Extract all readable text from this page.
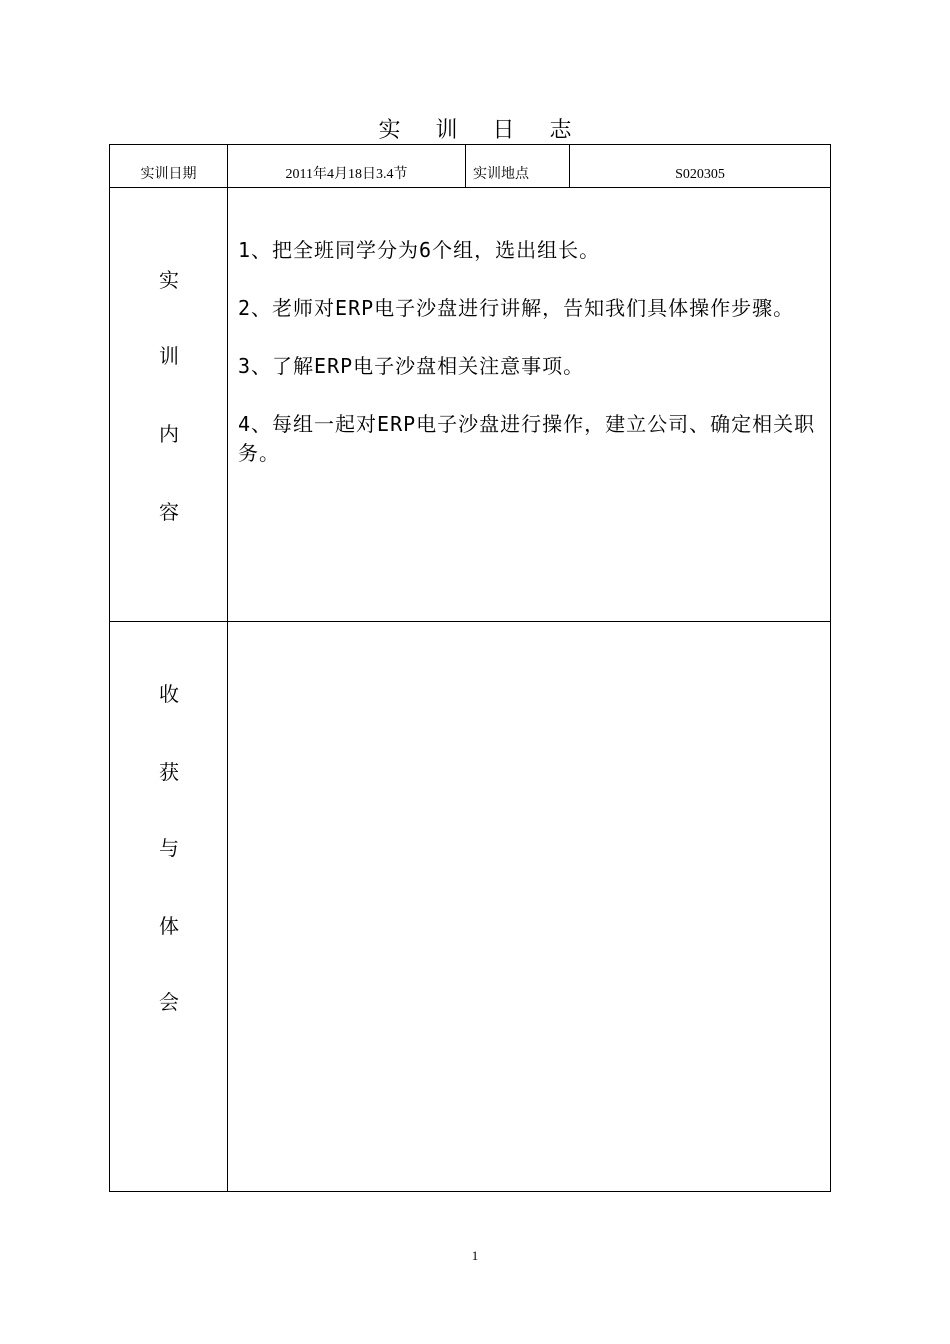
实 训 日 志
实训日期	2011年4月18日3.4节	实训地点	S020305
实
训
内
容

1、把全班同学分为6个组，选出组长。

2、老师对ERP电子沙盘进行讲解，告知我们具体操作步骤。

3、了解ERP电子沙盘相关注意事项。

4、每组一起对ERP电子沙盘进行操作，建立公司、确定相关职务。

收
获
与
体
会
1
